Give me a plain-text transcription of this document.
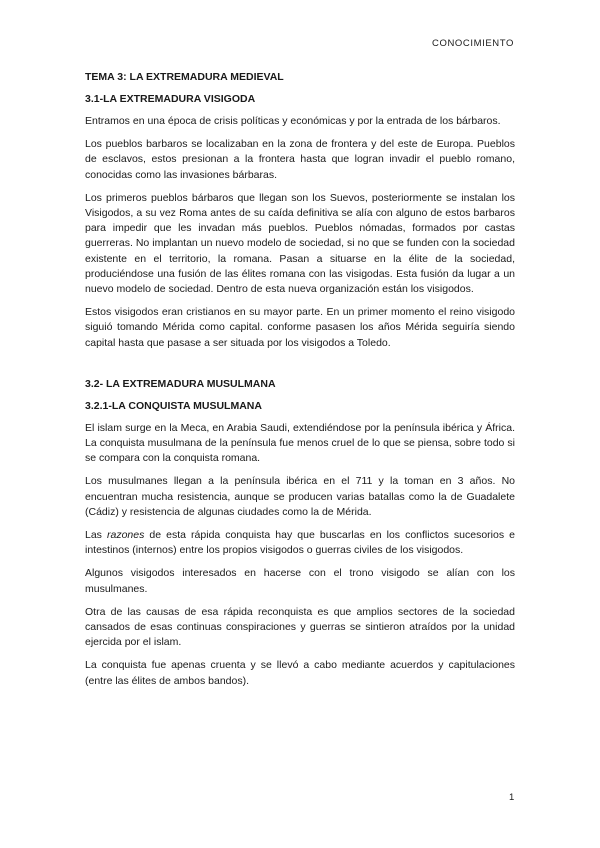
CONOCIMIENTO
TEMA 3: LA EXTREMADURA MEDIEVAL
3.1-LA EXTREMADURA VISIGODA

Entramos en una época de crisis políticas y económicas y por la entrada de los bárbaros.

Los pueblos barbaros se localizaban en la zona de frontera y del este de Europa. Pueblos de esclavos, estos presionan a la frontera hasta que logran invadir el pueblo romano, conocidas como las invasiones bárbaras.

Los primeros pueblos bárbaros que llegan son los Suevos, posteriormente se instalan los Visigodos, a su vez Roma antes de su caída definitiva se alía con alguno de estos barbaros para impedir que les invadan más pueblos. Pueblos nómadas, formados por castas guerreras. No implantan un nuevo modelo de sociedad, si no que se funden con la sociedad existente en el territorio, la romana. Pasan a situarse en la élite de la sociedad, produciéndose una fusión de las élites romana con las visigodas. Esta fusión da lugar a un nuevo modelo de sociedad. Dentro de esta nueva organización están los visigodos.

Estos visigodos eran cristianos en su mayor parte. En un primer momento el reino visigodo siguió tomando Mérida como capital. conforme pasasen los años Mérida seguiría siendo capital hasta que pasase a ser situada por los visigodos a Toledo.

3.2- LA EXTREMADURA MUSULMANA
3.2.1-LA CONQUISTA MUSULMANA

El islam surge en la Meca, en Arabia Saudi, extendiéndose por la península ibérica y África. La conquista musulmana de la península fue menos cruel de lo que se piensa, sobre todo si se compara con la conquista romana.

Los musulmanes llegan a la península ibérica en el 711 y la toman en 3 años. No encuentran mucha resistencia, aunque se producen varias batallas como la de Guadalete (Cádiz) y resistencia de algunas ciudades como la de Mérida.

Las razones de esta rápida conquista hay que buscarlas en los conflictos sucesorios e intestinos (internos) entre los propios visigodos o guerras civiles de los visigodos.

Algunos visigodos interesados en hacerse con el trono visigodo se alían con los musulmanes.

Otra de las causas de esa rápida reconquista es que amplios sectores de la sociedad cansados de esas continuas conspiraciones y guerras se sintieron atraídos por la unidad ejercida por el islam.

La conquista fue apenas cruenta y se llevó a cabo mediante acuerdos y capitulaciones (entre las élites de ambos bandos).

1
